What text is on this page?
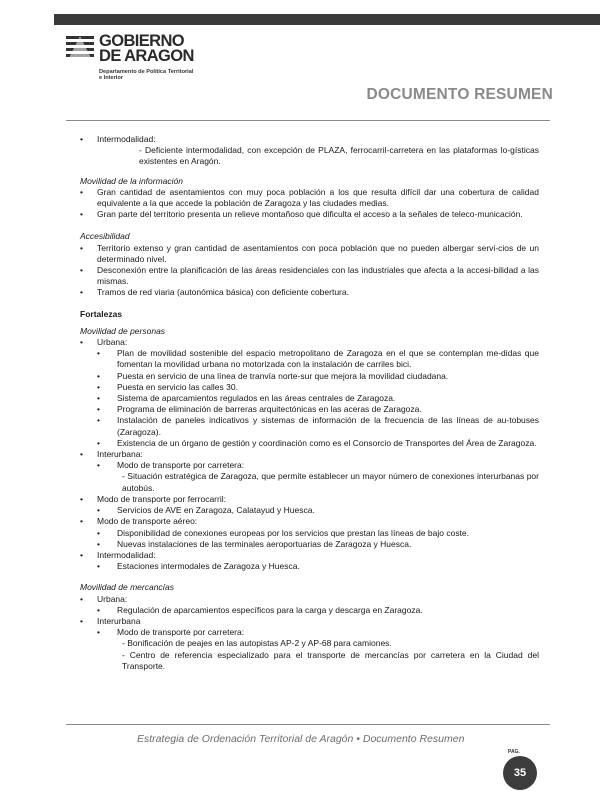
GOBIERNO
DE ARAGON
Departamento de Política Territorial
e Interior
DOCUMENTO RESUMEN
• Intermodalidad:
- Deficiente intermodalidad, con excepción de PLAZA, ferrocarril-carretera en las plataformas lo-gísticas existentes en Aragón.
Movilidad de la información
• Gran cantidad de asentamientos con muy poca población a los que resulta difícil dar una cobertura de calidad equivalente a la que accede la población de Zaragoza y las ciudades medias.
• Gran parte del territorio presenta un relieve montañoso que dificulta el acceso a la señales de teleco-municación.
Accesibilidad
• Territorio extenso y gran cantidad de asentamientos con poca población que no pueden albergar servi-cios de un determinado nivel.
• Desconexión entre la planificación de las áreas residenciales con las industriales que afecta a la accesi-bilidad a las mismas.
• Tramos de red viaria (autonómica básica) con deficiente cobertura.
Fortalezas
Movilidad de personas
• Urbana:
• Plan de movilidad sostenible del espacio metropolitano de Zaragoza en el que se contemplan me-didas que fomentan la movilidad urbana no motorizada con la instalación de carriles bici.
• Puesta en servicio de una línea de tranvía norte-sur que mejora la movilidad ciudadana.
• Puesta en servicio las calles 30.
• Sistema de aparcamientos regulados en las áreas centrales de Zaragoza.
• Programa de eliminación de barreras arquitectónicas en las aceras de Zaragoza.
• Instalación de paneles indicativos y sistemas de información de la frecuencia de las líneas de au-tobuses (Zaragoza).
• Existencia de un órgano de gestión y coordinación como es el Consorcio de Transportes del Área de Zaragoza.
• Interurbana:
• Modo de transporte por carretera:
- Situación estratégica de Zaragoza, que permite establecer un mayor número de conexiones interurbanas por autobús.
• Modo de transporte por ferrocarril:
• Servicios de AVE en Zaragoza, Calatayud y Huesca.
• Modo de transporte aéreo:
• Disponibilidad de conexiones europeas por los servicios que prestan las líneas de bajo coste.
• Nuevas instalaciones de las terminales aeroportuarias de Zaragoza y Huesca.
• Intermodalidad:
• Estaciones intermodales de Zaragoza y Huesca.
Movilidad de mercancías
• Urbana:
• Regulación de aparcamientos específicos para la carga y descarga en Zaragoza.
• Interurbana
• Modo de transporte por carretera:
- Bonificación de peajes en las autopistas AP-2 y AP-68 para camiones.
- Centro de referencia especializado para el transporte de mercancías por carretera en la Ciudad del Transporte.
Estrategia de Ordenación Territorial de Aragón • Documento Resumen
PAG.
35
